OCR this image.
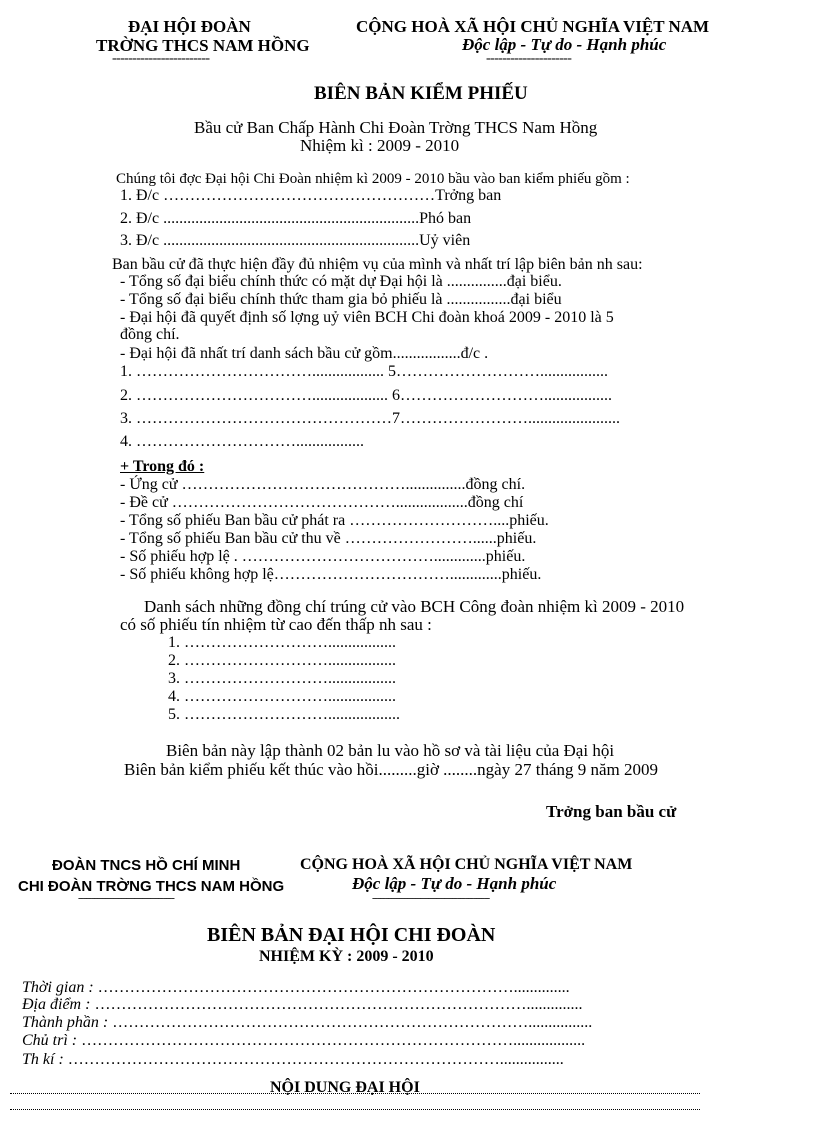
ĐẠI HỘI ĐOÀN
TRỜNG THCS NAM HỒNG
------------------------
CỘNG HOÀ XÃ HỘI CHỦ NGHĨA VIỆT NAM
Độc lập - Tự do - Hạnh phúc
---------------------
BIÊN BẢN KIỂM PHIẾU
Bầu cử Ban Chấp Hành Chi Đoàn Trờng THCS Nam Hồng
Nhiệm kì : 2009 - 2010
Chúng tôi đợc Đại hội Chi Đoàn nhiệm kì 2009 - 2010 bầu vào ban kiểm phiếu gồm :
1. Đ/c ……………………………………………Trởng ban
2. Đ/c ................................................................Phó ban
3. Đ/c ................................................................Uỷ viên
Ban bầu cử đã thực hiện đầy đủ nhiệm vụ của mình và nhất trí lập biên bản nh sau:
- Tổng số đại biểu chính thức có mặt dự Đại hội là ...............đại biểu.
- Tổng số đại biểu chính thức tham gia bỏ phiếu là ................đại biểu
- Đại hội đã quyết định số lợng uỷ viên BCH Chi đoàn khoá 2009 - 2010 là 5
đồng chí.
- Đại hội đã nhất trí danh sách bầu cử gồm.................đ/c .
1. …………………………….................. 5……………………….................
2. ……………………………................... 6……………………….................
3. …………………………………………7…………………….......................
4. ………………………….................
+ Trong đó :
- Ứng cử ……………………………………...............đồng chí.
- Đề cử ……………………………………..................đồng chí
- Tổng số phiếu Ban bầu cử phát ra ………………………....phiếu.
- Tổng số phiếu Ban bầu cử thu về ……………………......phiếu.
- Số phiếu hợp lệ . ……………………………….............phiếu.
- Số phiếu không hợp lệ…………………………….............phiếu.
Danh sách những đồng chí trúng cử vào BCH Công đoàn nhiệm kì 2009 - 2010
có số phiếu tín nhiệm từ cao đến thấp nh sau :
1. ……………………….................
2. ……………………….................
3. ……………………….................
4. ……………………….................
5. ………………………..................
Biên bản này lập thành 02 bản lu vào hồ sơ và tài liệu của Đại hội
Biên bản kiểm phiếu kết thúc vào hồi.........giờ ........ngày 27 tháng 9 năm 2009
Trởng ban bầu cử
ĐOÀN TNCS HỒ CHÍ MINH
CHI ĐOÀN TRỜNG THCS NAM HỒNG
------------------------------------
CỘNG HOÀ XÃ HỘI CHỦ NGHĨA VIỆT NAM
Độc lập - Tự do - Hạnh phúc
--------------------------------------------
BIÊN BẢN ĐẠI HỘI CHI ĐOÀN
NHIỆM KỲ : 2009 - 2010
Thời gian : ……………………………………………………………………..............
Địa điểm : ………………………………………………………………………..............
Thành phần : ……………………………………………………………………................
Chủ trì : ………………………………………………………………………..................
Th kí : ………………………………………………………………………................
NỘI DUNG ĐẠI HỘI
